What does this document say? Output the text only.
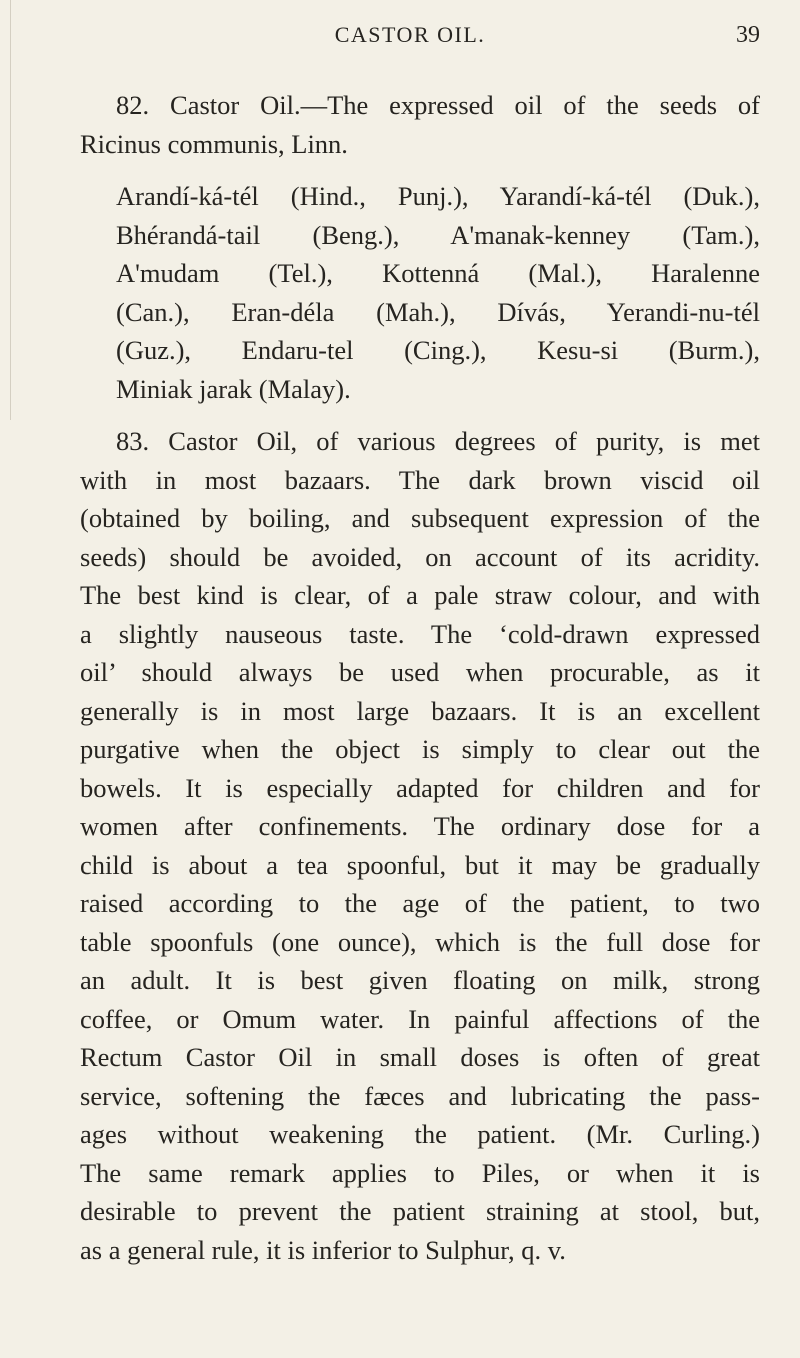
CASTOR OIL.	39
82. Castor Oil.—The expressed oil of the seeds of
Ricinus communis, Linn.
Arandí-ká-tél (Hind., Punj.), Yarandí-ká-tél (Duk.),
Bhérandá-tail (Beng.), A'manak-kenney (Tam.),
A'mudam (Tel.), Kottenná (Mal.), Haralenne
(Can.), Eran-déla (Mah.), Dívás, Yerandi-nu-tél
(Guz.), Endaru-tel (Cing.), Kesu-si (Burm.),
Miniak jarak (Malay).
83. Castor Oil, of various degrees of purity, is met
with in most bazaars. The dark brown viscid oil
(obtained by boiling, and subsequent expression of the
seeds) should be avoided, on account of its acridity.
The best kind is clear, of a pale straw colour, and with
a slightly nauseous taste. The ‘cold-drawn expressed
oil’ should always be used when procurable, as it
generally is in most large bazaars. It is an excellent
purgative when the object is simply to clear out the
bowels. It is especially adapted for children and for
women after confinements. The ordinary dose for a
child is about a tea spoonful, but it may be gradually
raised according to the age of the patient, to two
table spoonfuls (one ounce), which is the full dose for
an adult. It is best given floating on milk, strong
coffee, or Omum water. In painful affections of the
Rectum Castor Oil in small doses is often of great
service, softening the fæces and lubricating the pass-
ages without weakening the patient. (Mr. Curling.)
The same remark applies to Piles, or when it is
desirable to prevent the patient straining at stool, but,
as a general rule, it is inferior to Sulphur, q. v.
